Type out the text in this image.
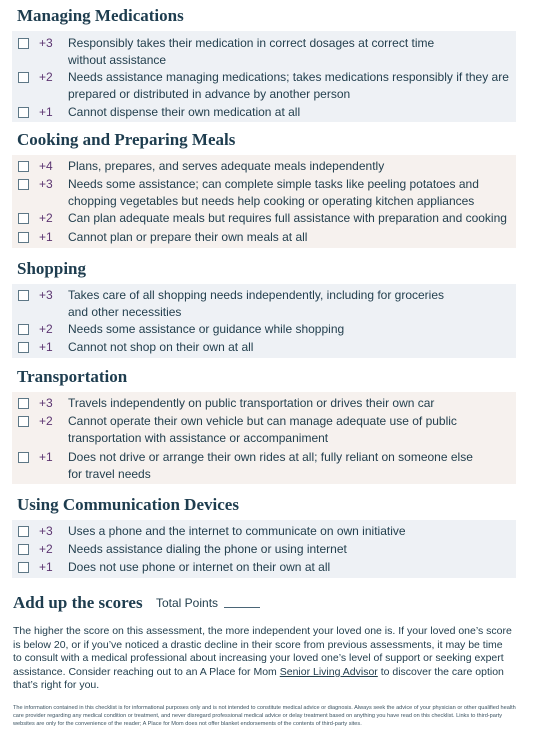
Managing Medications
+3 Responsibly takes their medication in correct dosages at correct time
without assistance
+2 Needs assistance managing medications; takes medications responsibly if they are
prepared or distributed in advance by another person
+1 Cannot dispense their own medication at all
Cooking and Preparing Meals
+4 Plans, prepares, and serves adequate meals independently
+3 Needs some assistance; can complete simple tasks like peeling potatoes and
chopping vegetables but needs help cooking or operating kitchen appliances
+2 Can plan adequate meals but requires full assistance with preparation and cooking
+1 Cannot plan or prepare their own meals at all
Shopping
+3 Takes care of all shopping needs independently, including for groceries
and other necessities
+2 Needs some assistance or guidance while shopping
+1 Cannot not shop on their own at all
Transportation
+3 Travels independently on public transportation or drives their own car
+2 Cannot operate their own vehicle but can manage adequate use of public
transportation with assistance or accompaniment
+1 Does not drive or arrange their own rides at all; fully reliant on someone else
for travel needs
Using Communication Devices
+3 Uses a phone and the internet to communicate on own initiative
+2 Needs assistance dialing the phone or using internet
+1 Does not use phone or internet on their own at all
Add up the scores Total Points
The higher the score on this assessment, the more independent your loved one is. If your loved one’s score is below 20, or if you’ve noticed a drastic decline in their score from previous assessments, it may be time to consult with a medical professional about increasing your loved one’s level of support or seeking expert assistance. Consider reaching out to an A Place for Mom Senior Living Advisor to discover the care option that’s right for you.
The information contained in this checklist is for informational purposes only and is not intended to constitute medical advice or diagnosis. Always seek the advice of your physician or other qualified health care provider regarding any medical condition or treatment, and never disregard professional medical advice or delay treatment based on anything you have read on this checklist. Links to third-party websites are only for the convenience of the reader; A Place for Mom does not offer blanket endorsements of the contents of third-party sites.
